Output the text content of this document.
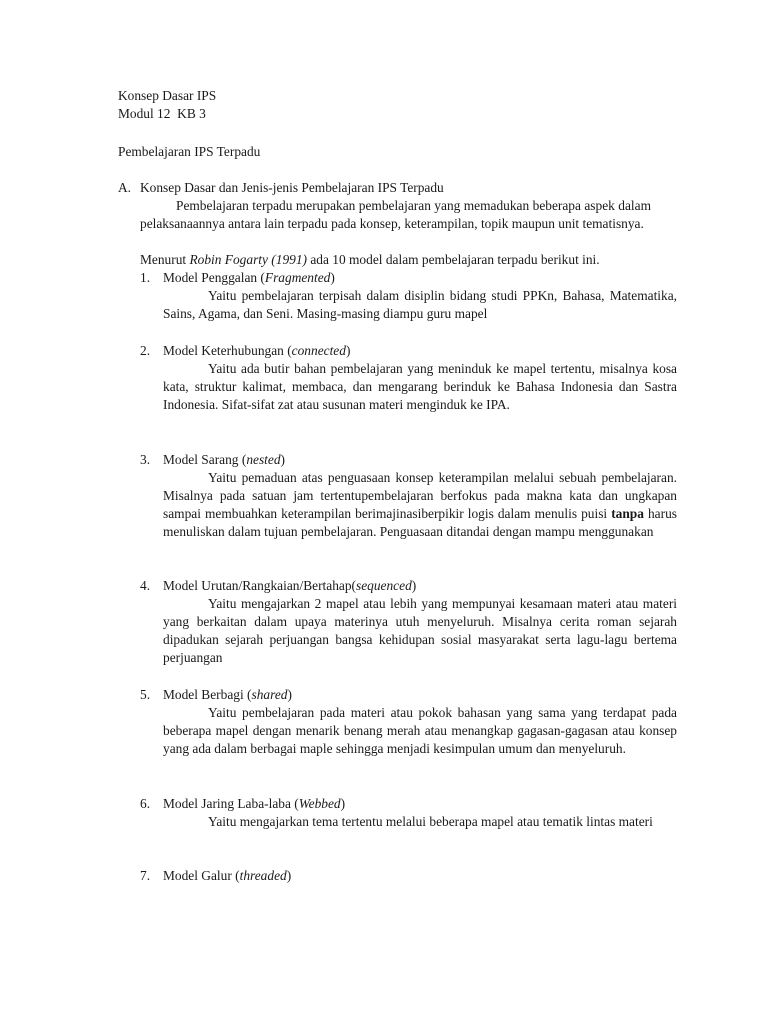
Konsep Dasar IPS
Modul 12  KB 3
Pembelajaran IPS Terpadu
A. Konsep Dasar dan Jenis-jenis Pembelajaran IPS Terpadu
Pembelajaran terpadu merupakan pembelajaran yang memadukan beberapa aspek dalam pelaksanaannya antara lain terpadu pada konsep, keterampilan, topik maupun unit tematisnya.
Menurut Robin Fogarty (1991) ada 10 model dalam pembelajaran terpadu berikut ini.
1. Model Penggalan (Fragmented)
Yaitu pembelajaran terpisah dalam disiplin bidang studi PPKn, Bahasa, Matematika, Sains, Agama, dan Seni. Masing-masing diampu guru mapel
2. Model Keterhubungan (connected)
Yaitu ada butir bahan pembelajaran yang meninduk ke mapel tertentu, misalnya kosa kata, struktur kalimat, membaca, dan mengarang berinduk ke Bahasa Indonesia dan Sastra Indonesia. Sifat-sifat zat atau susunan materi menginduk ke IPA.
3. Model Sarang (nested)
Yaitu pemaduan atas penguasaan konsep keterampilan melalui sebuah pembelajaran. Misalnya pada satuan jam tertentupembelajaran berfokus pada makna kata dan ungkapan sampai membuahkan keterampilan berimajinasiberpikir logis dalam menulis puisi tanpa harus menuliskan dalam tujuan pembelajaran. Penguasaan ditandai dengan mampu menggunakan
4. Model Urutan/Rangkaian/Bertahap(sequenced)
Yaitu mengajarkan 2 mapel atau lebih yang mempunyai kesamaan materi atau materi yang berkaitan dalam upaya materinya utuh menyeluruh. Misalnya cerita roman sejarah dipadukan sejarah perjuangan bangsa kehidupan sosial masyarakat serta lagu-lagu bertema perjuangan
5. Model Berbagi (shared)
Yaitu pembelajaran pada materi atau pokok bahasan yang sama yang terdapat pada beberapa mapel dengan menarik benang merah atau menangkap gagasan-gagasan atau konsep yang ada dalam berbagai maple sehingga menjadi kesimpulan umum dan menyeluruh.
6. Model Jaring Laba-laba (Webbed)
Yaitu mengajarkan tema tertentu melalui beberapa mapel atau tematik lintas materi
7. Model Galur (threaded)
